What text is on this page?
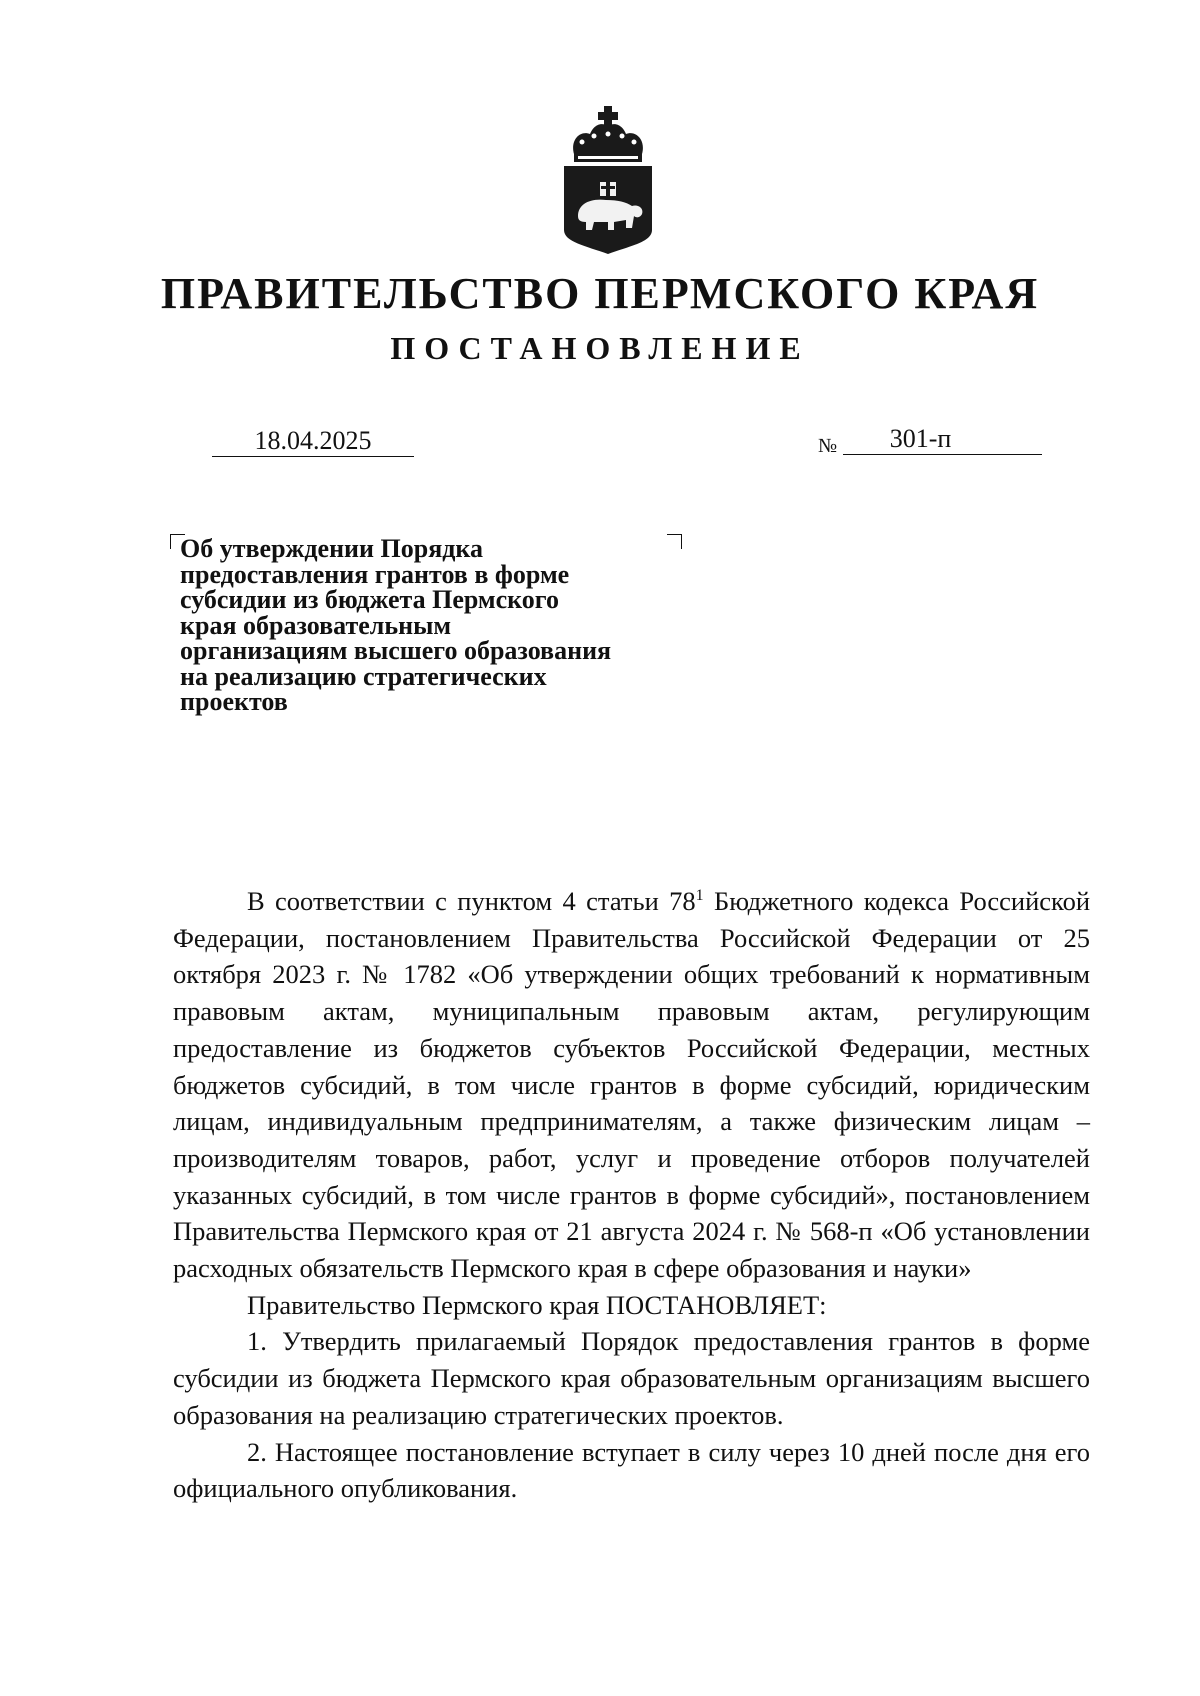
ПРАВИТЕЛЬСТВО ПЕРМСКОГО КРАЯ
ПОСТАНОВЛЕНИЕ
18.04.2025	№	301-п
Об утверждении Порядка
предоставления грантов в форме
субсидии из бюджета Пермского
края образовательным
организациям высшего образования
на реализацию стратегических
проектов

В соответствии с пунктом 4 статьи $78^1$ Бюджетного кодекса Российской Федерации, постановлением Правительства Российской Федерации от 25 октября 2023 г. № 1782 «Об утверждении общих требований к нормативным правовым актам, муниципальным правовым актам, регулирующим предоставление из бюджетов субъектов Российской Федерации, местных бюджетов субсидий, в том числе грантов в форме субсидий, юридическим лицам, индивидуальным предпринимателям, а также физическим лицам – производителям товаров, работ, услуг и проведение отборов получателей указанных субсидий, в том числе грантов в форме субсидий», постановлением Правительства Пермского края от 21 августа 2024 г. № 568-п «Об установлении расходных обязательств Пермского края в сфере образования и науки»

Правительство Пермского края ПОСТАНОВЛЯЕТ:

1. Утвердить прилагаемый Порядок предоставления грантов в форме субсидии из бюджета Пермского края образовательным организациям высшего образования на реализацию стратегических проектов.

2. Настоящее постановление вступает в силу через 10 дней после дня его официального опубликования.
